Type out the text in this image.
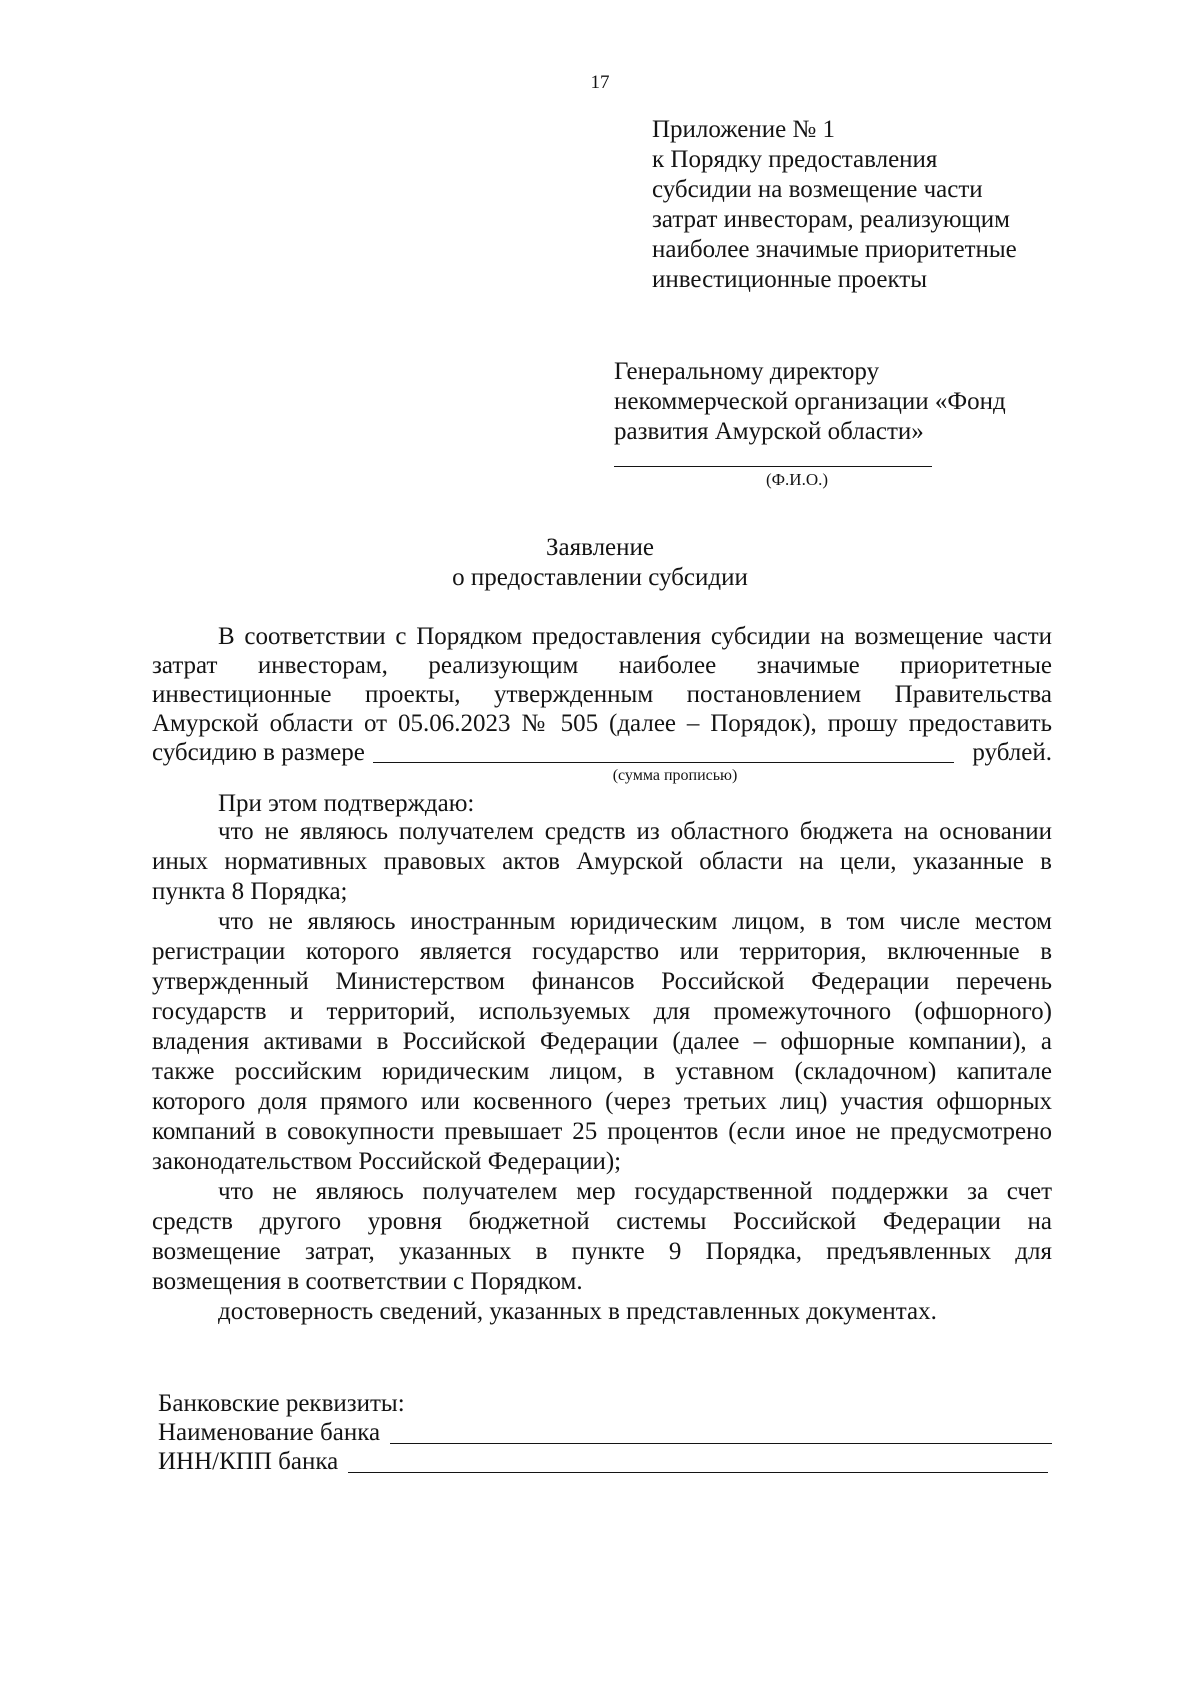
17
Приложение № 1
к Порядку предоставления
субсидии на возмещение части
затрат инвесторам, реализующим
наиболее значимые приоритетные
инвестиционные проекты
Генеральному директору
некоммерческой организации «Фонд
развития Амурской области»
(Ф.И.О.)
Заявление
о предоставлении субсидии
В соответствии с Порядком предоставления субсидии на возмещение части
затрат инвесторам, реализующим наиболее значимые приоритетные
инвестиционные проекты, утвержденным постановлением Правительства
Амурской области от 05.06.2023 № 505 (далее – Порядок), прошу предоставить
субсидию в размере	рублей.
(сумма прописью)
При этом подтверждаю:
что не являюсь получателем средств из областного бюджета на основании
иных нормативных правовых актов Амурской области на цели, указанные в
пункта 8 Порядка;
что не являюсь иностранным юридическим лицом, в том числе местом
регистрации которого является государство или территория, включенные в
утвержденный Министерством финансов Российской Федерации перечень
государств и территорий, используемых для промежуточного (офшорного)
владения активами в Российской Федерации (далее – офшорные компании), а
также российским юридическим лицом, в уставном (складочном) капитале
которого доля прямого или косвенного (через третьих лиц) участия офшорных
компаний в совокупности превышает 25 процентов (если иное не предусмотрено
законодательством Российской Федерации);
что не являюсь получателем мер государственной поддержки за счет
средств другого уровня бюджетной системы Российской Федерации на
возмещение затрат, указанных в пункте 9 Порядка, предъявленных для
возмещения в соответствии с Порядком.
достоверность сведений, указанных в представленных документах.
Банковские реквизиты:
Наименование банка
ИНН/КПП банка
